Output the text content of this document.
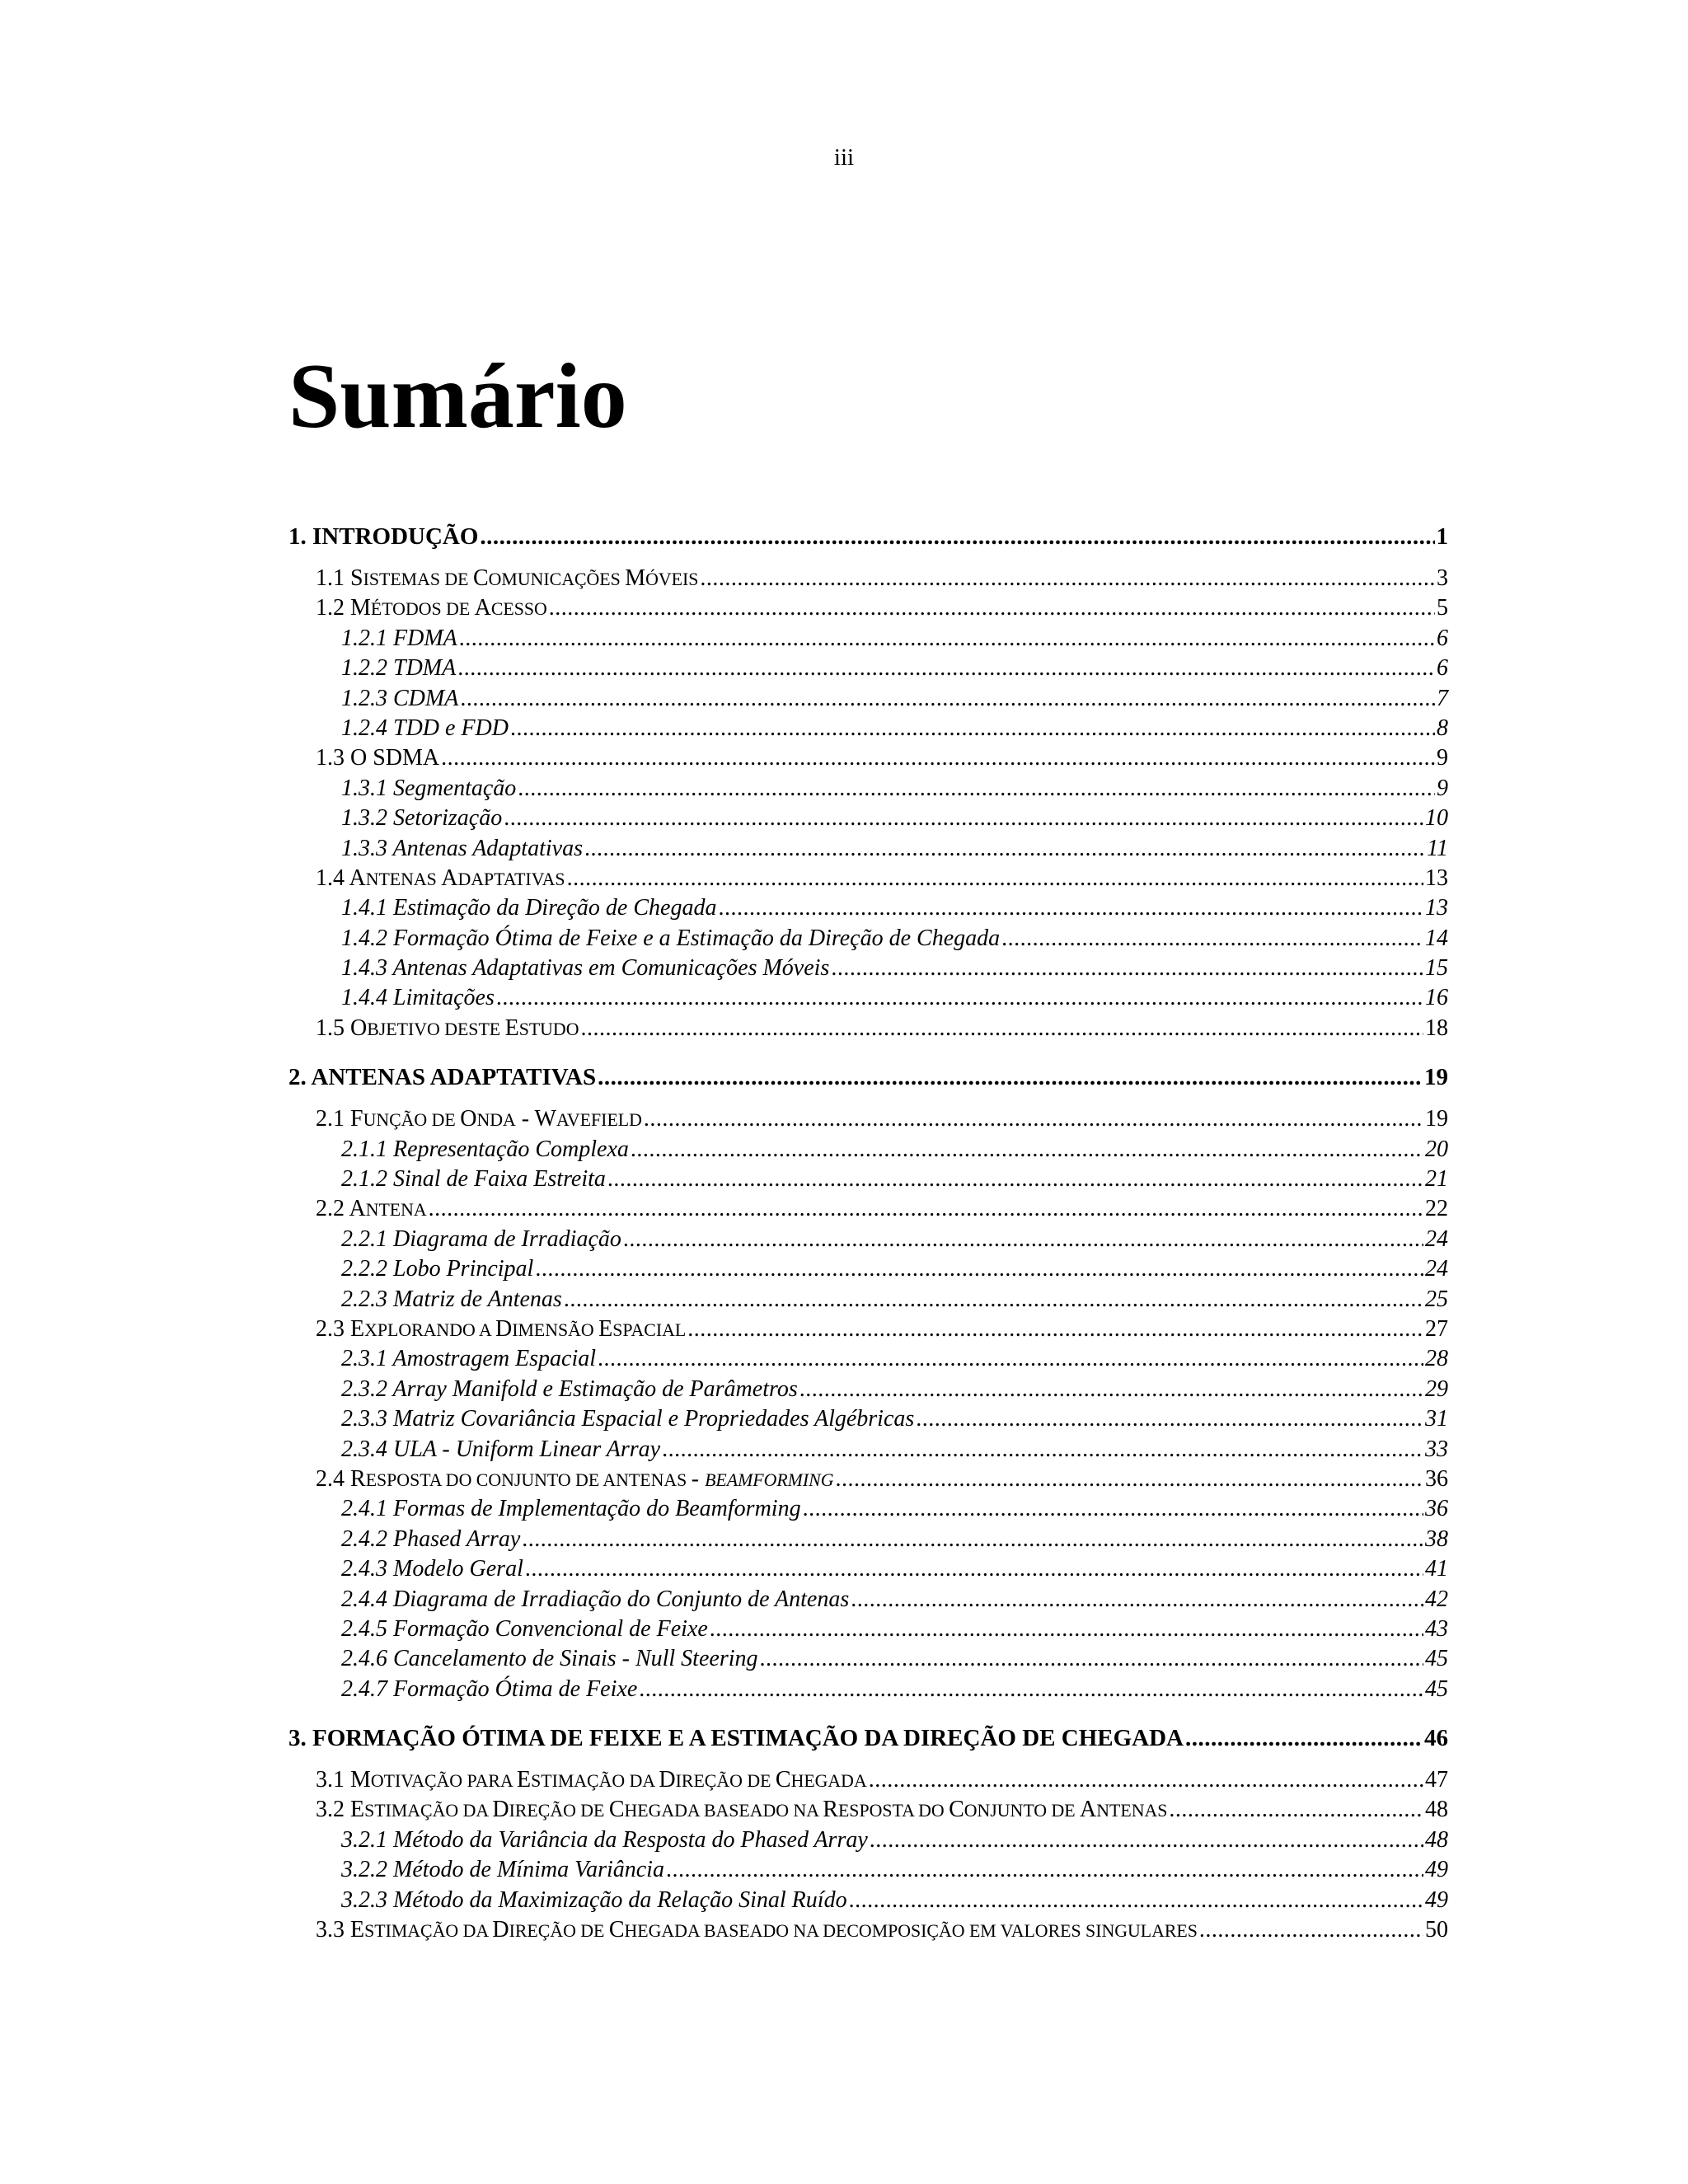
iii
Sumário
1. INTRODUÇÃO .....	1
1.1 SISTEMAS DE COMUNICAÇÕES MÓVEIS .....	3
1.2 MÉTODOS DE ACESSO .....	5
1.2.1 FDMA .....	6
1.2.2 TDMA .....	6
1.2.3 CDMA .....	7
1.2.4 TDD e FDD .....	8
1.3 O SDMA .....	9
1.3.1 Segmentação .....	9
1.3.2 Setorização .....	10
1.3.3 Antenas Adaptativas .....	11
1.4 ANTENAS ADAPTATIVAS .....	13
1.4.1 Estimação da Direção de Chegada .....	13
1.4.2 Formação Ótima de Feixe e a Estimação da Direção de Chegada .....	14
1.4.3 Antenas Adaptativas em Comunicações Móveis .....	15
1.4.4 Limitações .....	16
1.5 OBJETIVO DESTE ESTUDO .....	18
2. ANTENAS ADAPTATIVAS .....	19
2.1 FUNÇÃO DE ONDA - WAVEFIELD .....	19
2.1.1 Representação Complexa .....	20
2.1.2 Sinal de Faixa Estreita .....	21
2.2 ANTENA .....	22
2.2.1 Diagrama de Irradiação .....	24
2.2.2 Lobo Principal .....	24
2.2.3 Matriz de Antenas .....	25
2.3 EXPLORANDO A DIMENSÃO ESPACIAL .....	27
2.3.1 Amostragem Espacial .....	28
2.3.2 Array Manifold e Estimação de Parâmetros .....	29
2.3.3 Matriz Covariância Espacial e Propriedades Algébricas .....	31
2.3.4 ULA - Uniform Linear Array .....	33
2.4 RESPOSTA DO CONJUNTO DE ANTENAS - BEAMFORMING .....	36
2.4.1 Formas de Implementação do Beamforming .....	36
2.4.2 Phased Array .....	38
2.4.3 Modelo Geral .....	41
2.4.4 Diagrama de Irradiação do Conjunto de Antenas .....	42
2.4.5 Formação Convencional de Feixe .....	43
2.4.6 Cancelamento de Sinais - Null Steering .....	45
2.4.7 Formação Ótima de Feixe .....	45
3. FORMAÇÃO ÓTIMA DE FEIXE E A ESTIMAÇÃO DA DIREÇÃO DE CHEGADA .....	46
3.1 MOTIVAÇÃO PARA ESTIMAÇÃO DA DIREÇÃO DE CHEGADA .....	47
3.2 ESTIMAÇÃO DA DIREÇÃO DE CHEGADA BASEADO NA RESPOSTA DO CONJUNTO DE ANTENAS .....	48
3.2.1 Método da Variância da Resposta do Phased Array .....	48
3.2.2 Método de Mínima Variância .....	49
3.2.3 Método da Maximização da Relação Sinal Ruído .....	49
3.3 ESTIMAÇÃO DA DIREÇÃO DE CHEGADA BASEADO NA DECOMPOSIÇÃO EM VALORES SINGULARES .....	50
